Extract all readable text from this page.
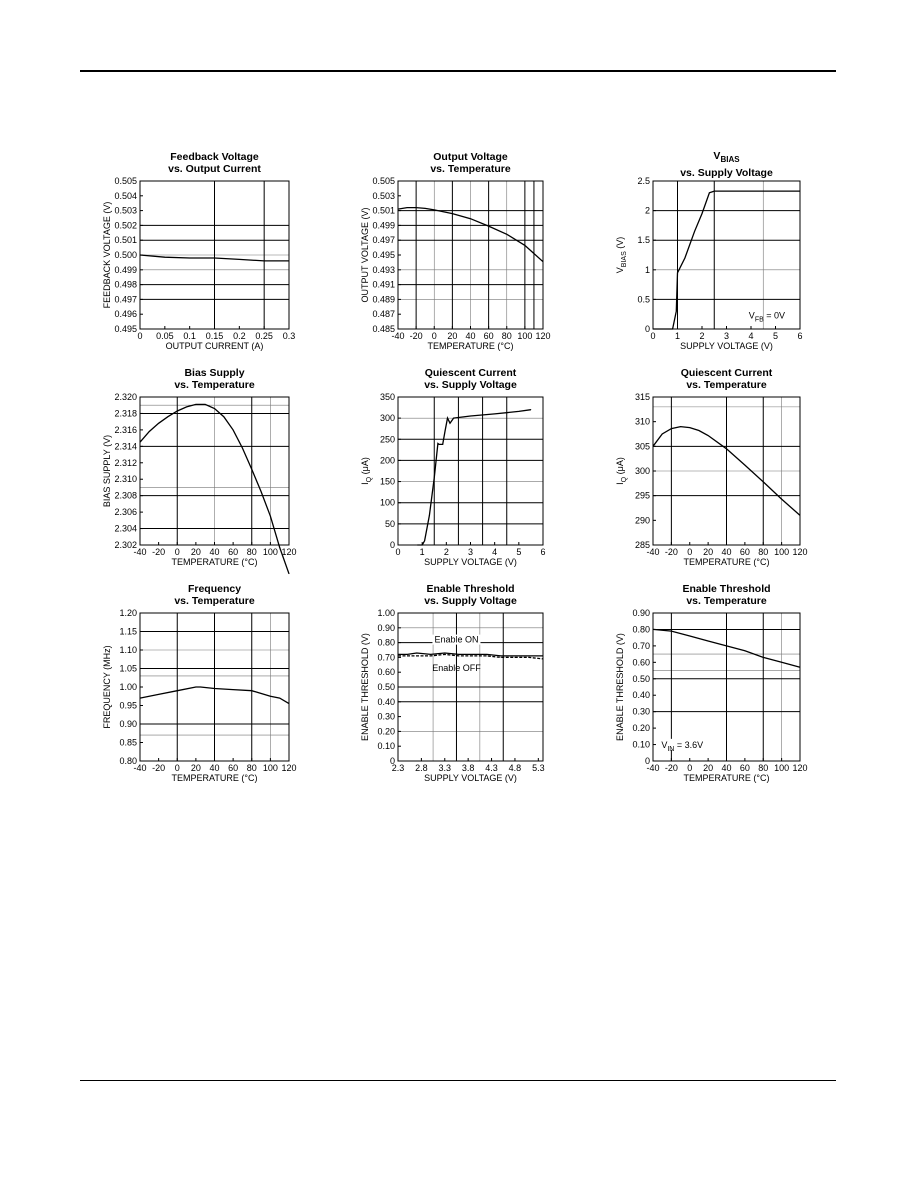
Feedback Voltage
vs. Output Current
0 0.05 0.1 0.15 0.2 0.25 0.3
0.495
0.496
0.497
0.498
0.499
0.500
0.501
0.502
0.503
0.504
0.505
OUTPUT CURRENT (A)
FEEDBACK VOLTAGE (V)
Output Voltage
vs. Temperature
-40 -20 0 20 40 60 80 100 120
0.485
0.487
0.489
0.491
0.493
0.495
0.497
0.499
0.501
0.503
0.505
TEMPERATURE (°C)
OUTPUT VOLTAGE (V)
$V_{BIAS}$
vs. Supply Voltage
0 1 2 3 4 5 6
0
0.5
1
1.5
2
2.5
SUPPLY VOLTAGE (V)
$V_{BIAS}$ (V)
$V_{FB} = 0V$
Bias Supply
vs. Temperature
-40 -20 0 20 40 60 80 100 120
2.302
2.304
2.306
2.308
2.310
2.312
2.314
2.316
2.318
2.320
TEMPERATURE (°C)
BIAS SUPPLY (V)
Quiescent Current
vs. Supply Voltage
0 1 2 3 4 5 6
0
50
100
150
200
250
300
350
SUPPLY VOLTAGE (V)
$I_Q$ (μA)
Quiescent Current
vs. Temperature
-40 -20 0 20 40 60 80 100 120
285
290
295
300
305
310
315
TEMPERATURE (°C)
$I_Q$ (μA)
Frequency
vs. Temperature
-40 -20 0 20 40 60 80 100 120
0.80
0.85
0.90
0.95
1.00
1.05
1.10
1.15
1.20
TEMPERATURE (°C)
FREQUENCY (MHz)
Enable Threshold
vs. Supply Voltage
2.3 2.8 3.3 3.8 4.3 4.8 5.3
0
0.10
0.20
0.30
0.40
0.50
0.60
0.70
0.80
0.90
1.00
SUPPLY VOLTAGE (V)
ENABLE THRESHOLD (V)	Enable ON
Enable OFF
Enable Threshold
vs. Temperature
-40 -20 0 20 40 60 80 100 120
0
0.10
0.20
0.30
0.40
0.50
0.60
0.70
0.80
0.90
TEMPERATURE (°C)
ENABLE THRESHOLD (V)
$V_{IN} = 3.6V$
